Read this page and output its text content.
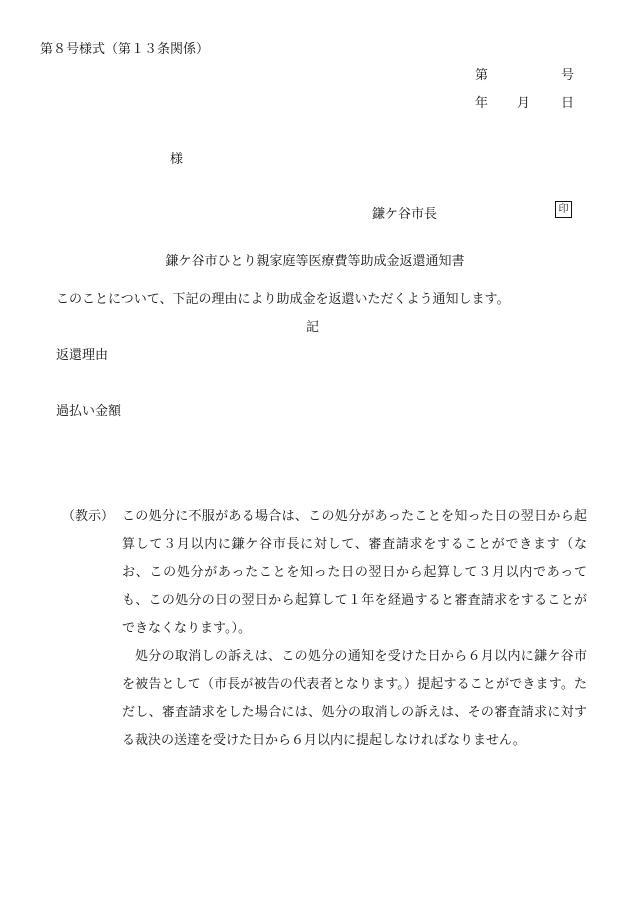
第８号様式（第１３条関係）
第	号
年 月 日
様
鎌ケ谷市長	印
鎌ケ谷市ひとり親家庭等医療費等助成金返還通知書
このことについて、下記の理由により助成金を返還いただくよう通知します。
記
返還理由
過払い金額
（教示） この処分に不服がある場合は、この処分があったことを知った日の翌日から起算して３月以内に鎌ケ谷市長に対して、審査請求をすることができます（なお、この処分があったことを知った日の翌日から起算して３月以内であっても、この処分の日の翌日から起算して１年を経過すると審査請求をすることができなくなります。）。

処分の取消しの訴えは、この処分の通知を受けた日から６月以内に鎌ケ谷市を被告として（市長が被告の代表者となります。）提起することができます。ただし、審査請求をした場合には、処分の取消しの訴えは、その審査請求に対する裁決の送達を受けた日から６月以内に提起しなければなりません。
